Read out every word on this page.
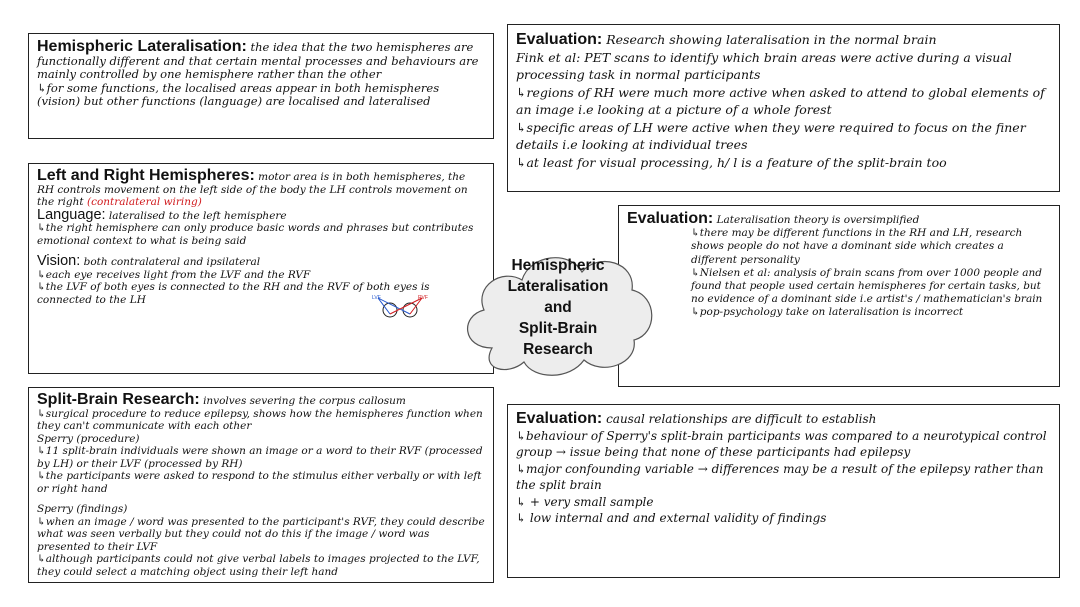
Hemispheric Lateralisation: the idea that the two hemispheres are functionally different and that certain mental processes and behaviours are mainly controlled by one hemisphere rather than the other

↳for some functions, the localised areas appear in both hemispheres (vision) but other functions (language) are localised and lateralised

Left and Right Hemispheres: motor area is in both hemispheres, the RH controls movement on the left side of the body the LH controls movement on the right (contralateral wiring)

Language: lateralised to the left hemisphere

↳the right hemisphere can only produce basic words and phrases but contributes emotional context to what is being said

Vision: both contralateral and ipsilateral

↳each eye receives light from the LVF and the RVF

↳the LVF of both eyes is connected to the RH and the RVF of both eyes is connected to the LH	LVF	RVF

Split-Brain Research: involves severing the corpus callosum

↳surgical procedure to reduce epilepsy, shows how the hemispheres function when they can't communicate with each other

Sperry (procedure)

↳11 split-brain individuals were shown an image or a word to their RVF (processed by LH) or their LVF (processed by RH)

↳the participants were asked to respond to the stimulus either verbally or with left or right hand

Sperry (findings)

↳when an image / word was presented to the participant's RVF, they could describe what was seen verbally but they could not do this if the image / word was presented to their LVF

↳although participants could not give verbal labels to images projected to the LVF, they could select a matching object using their left hand

Evaluation: Research showing lateralisation in the normal brain

Fink et al: PET scans to identify which brain areas were active during a visual processing task in normal participants

↳regions of RH were much more active when asked to attend to global elements of an image i.e looking at a picture of a whole forest

↳specific areas of LH were active when they were required to focus on the finer details i.e looking at individual trees

↳at least for visual processing, h/ l is a feature of the split-brain too

Evaluation: Lateralisation theory is oversimplified

↳there may be different functions in the RH and LH, research shows people do not have a dominant side which creates a different personality

↳Nielsen et al: analysis of brain scans from over 1000 people and found that people used certain hemispheres for certain tasks, but no evidence of a dominant side i.e artist's / mathematician's brain

↳pop-psychology take on lateralisation is incorrect

Evaluation: causal relationships are difficult to establish

↳behaviour of Sperry's split-brain participants was compared to a neurotypical control group → issue being that none of these participants had epilepsy

↳major confounding variable → differences may be a result of the epilepsy rather than the split brain

↳ + very small sample

↳ low internal and and external validity of findings

Hemispheric
Lateralisation
and
Split-Brain
Research
